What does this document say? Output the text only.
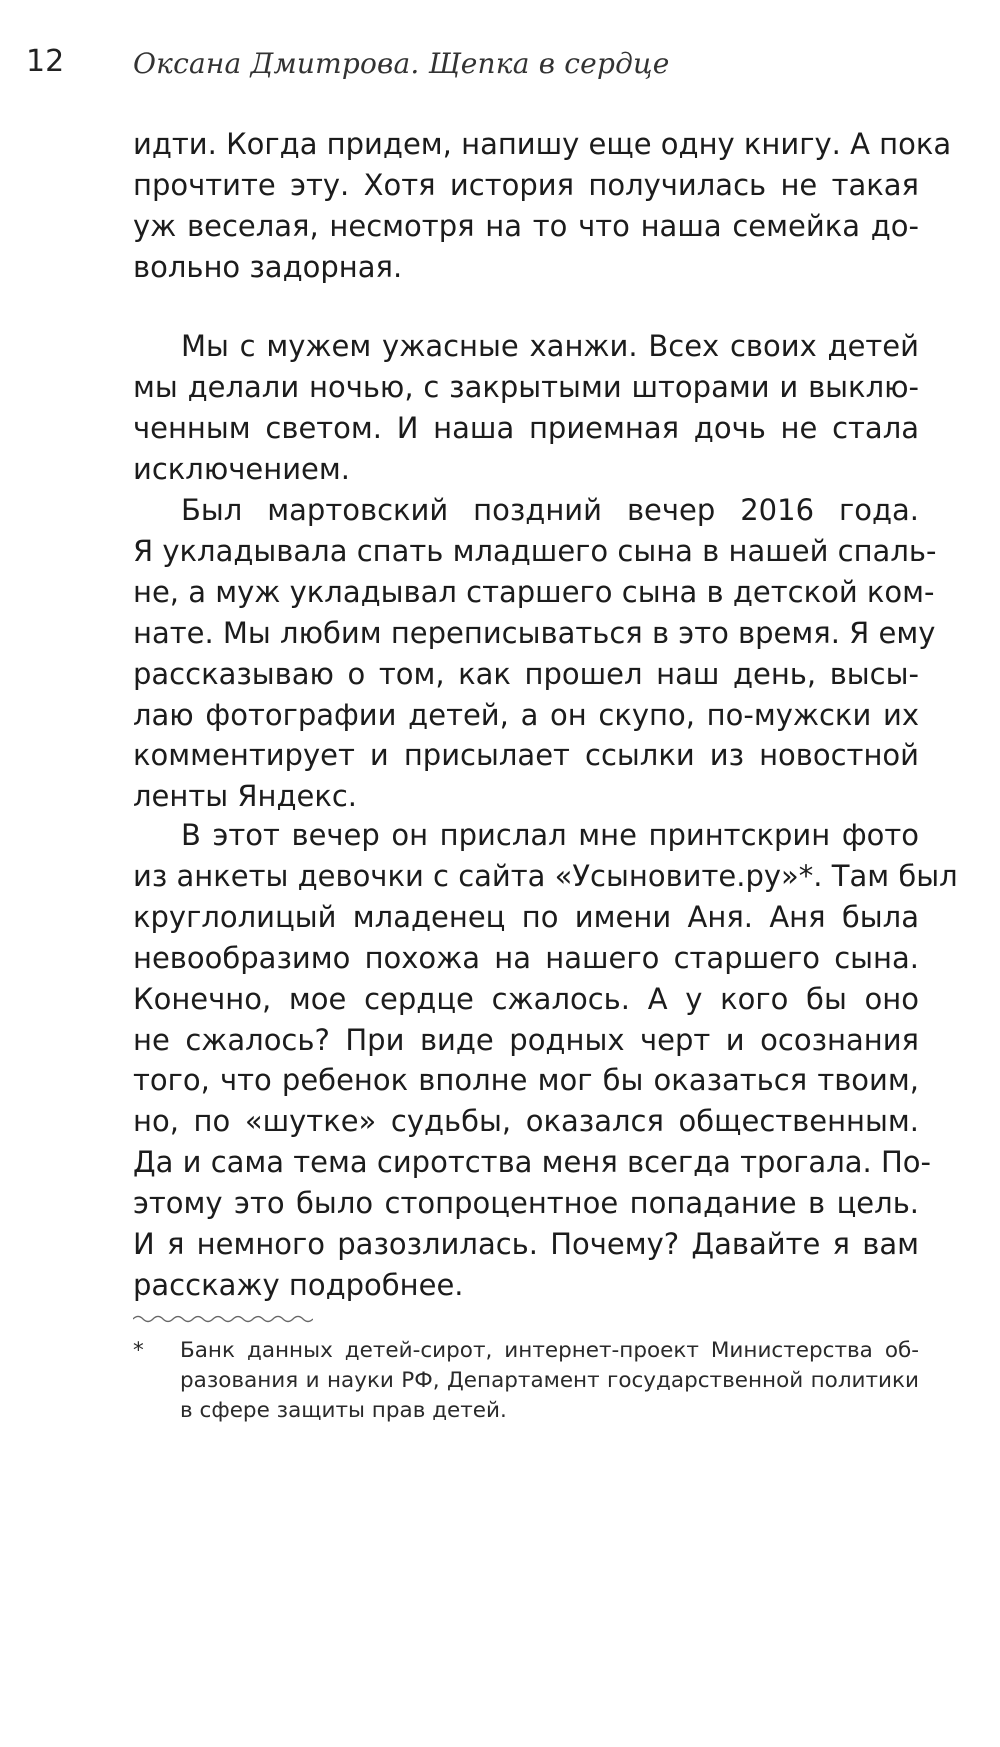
12 Оксана Дмитрова. Щепка в сердце
идти. Когда придем, напишу еще одну книгу. А пока
прочтите эту. Хотя история получилась не такая
уж веселая, несмотря на то что наша семейка до-
вольно задорная.
Мы с мужем ужасные ханжи. Всех своих детей
мы делали ночью, с закрытыми шторами и выклю-
ченным светом. И наша приемная дочь не стала
исключением.
Был мартовский поздний вечер 2016 года.
Я укладывала спать младшего сына в нашей спаль-
не, а муж укладывал старшего сына в детской ком-
нате. Мы любим переписываться в это время. Я ему
рассказываю о том, как прошел наш день, высы-
лаю фотографии детей, а он скупо, по-мужски их
комментирует и присылает ссылки из новостной
ленты Яндекс.
В этот вечер он прислал мне принтскрин фото
из анкеты девочки с сайта «Усыновите.ру»*. Там был
круглолицый младенец по имени Аня. Аня была
невообразимо похожа на нашего старшего сына.
Конечно, мое сердце сжалось. А у кого бы оно
не сжалось? При виде родных черт и осознания
того, что ребенок вполне мог бы оказаться твоим,
но, по «шутке» судьбы, оказался общественным.
Да и сама тема сиротства меня всегда трогала. По-
этому это было стопроцентное попадание в цель.
И я немного разозлилась. Почему? Давайте я вам
расскажу подробнее.
*	Банк данных детей-сирот, интернет-проект Министерства об-
разования и науки РФ, Департамент государственной политики
в сфере защиты прав детей.
